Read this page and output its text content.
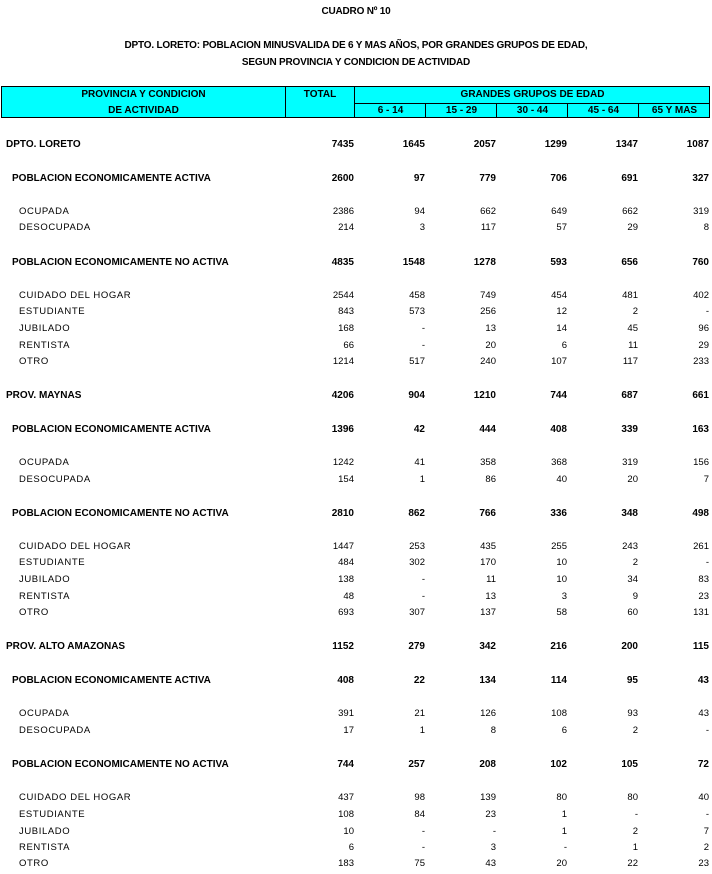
CUADRO Nº 10
DPTO. LORETO: POBLACION MINUSVALIDA DE 6 Y MAS AÑOS, POR GRANDES GRUPOS DE EDAD,
SEGUN PROVINCIA Y CONDICION DE ACTIVIDAD
PROVINCIA Y CONDICION
DE ACTIVIDAD
TOTAL	GRANDES GRUPOS DE EDAD
6 - 14	15 - 29	30 - 44	45 - 64	65 Y MAS
DPTO. LORETO	7435	1645	2057	1299	1347	1087
POBLACION ECONOMICAMENTE ACTIVA	2600	97	779	706	691	327
OCUPADA	2386	94	662	649	662	319
DESOCUPADA	214	3	117	57	29	8
POBLACION ECONOMICAMENTE NO ACTIVA	4835	1548	1278	593	656	760
CUIDADO DEL HOGAR	2544	458	749	454	481	402
ESTUDIANTE	843	573	256	12	2	-
JUBILADO	168	-	13	14	45	96
RENTISTA	66	-	20	6	11	29
OTRO	1214	517	240	107	117	233
PROV. MAYNAS	4206	904	1210	744	687	661
POBLACION ECONOMICAMENTE ACTIVA	1396	42	444	408	339	163
OCUPADA	1242	41	358	368	319	156
DESOCUPADA	154	1	86	40	20	7
POBLACION ECONOMICAMENTE NO ACTIVA	2810	862	766	336	348	498
CUIDADO DEL HOGAR	1447	253	435	255	243	261
ESTUDIANTE	484	302	170	10	2	-
JUBILADO	138	-	11	10	34	83
RENTISTA	48	-	13	3	9	23
OTRO	693	307	137	58	60	131
PROV. ALTO AMAZONAS	1152	279	342	216	200	115
POBLACION ECONOMICAMENTE ACTIVA	408	22	134	114	95	43
OCUPADA	391	21	126	108	93	43
DESOCUPADA	17	1	8	6	2	-
POBLACION ECONOMICAMENTE NO ACTIVA	744	257	208	102	105	72
CUIDADO DEL HOGAR	437	98	139	80	80	40
ESTUDIANTE	108	84	23	1	-	-
JUBILADO	10	-	-	1	2	7
RENTISTA	6	-	3	-	1	2
OTRO	183	75	43	20	22	23
